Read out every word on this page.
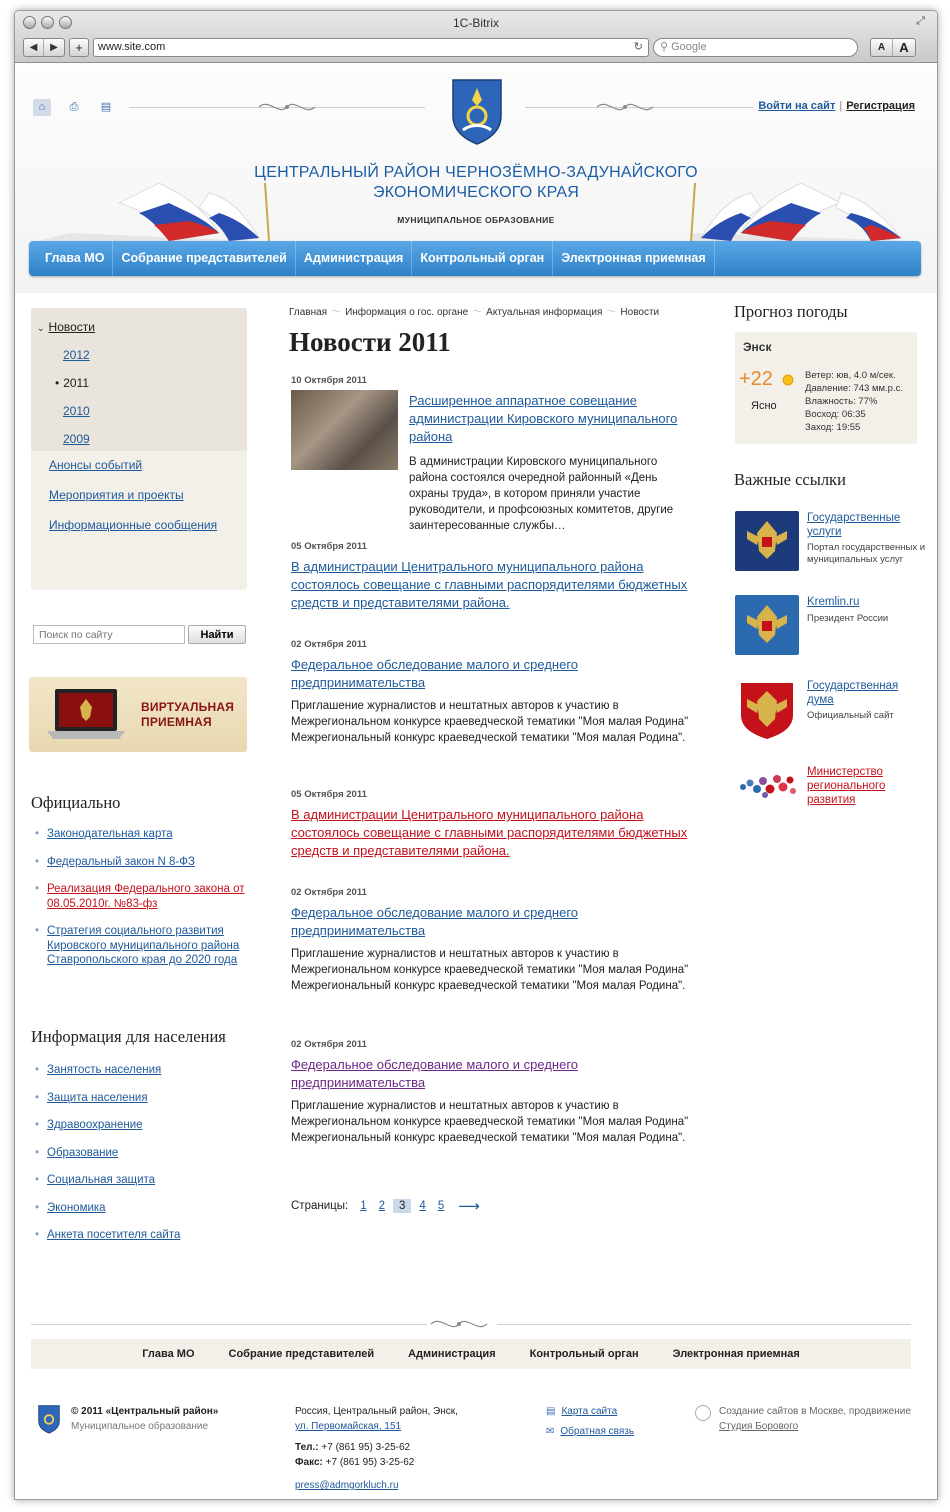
1C-Bitrix	⤢
◀	▶	+	www.site.com	↻	⚲ Google	A	A
⌂	⎙	▤	Войти на сайт | Регистрация
ЦЕНТРАЛЬНЫЙ РАЙОН ЧЕРНОЗЁМНО-ЗАДУНАЙСКОГО
ЭКОНОМИЧЕСКОГО КРАЯ
МУНИЦИПАЛЬНОЕ ОБРАЗОВАНИЕ
Глава МО	Собрание представителей	Администрация	Контрольный орган	Электронная приемная
⌄ Новости
2012
• 2011
2010
2009
Анонсы событий
Мероприятия и проекты
Информационные сообщения
Поиск по сайту
Найти
ВИРТУАЛЬНАЯ
ПРИЕМНАЯ
Официально
• Законодательная карта
• Федеральный закон N 8-ФЗ
• Реализация Федерального закона от 08.05.2010г. №83-фз
• Стратегия социального развития Кировского муниципального района Ставропольского края до 2020 года
Информация для населения
• Занятость населения
• Защита населения
• Здравоохранение
• Образование
• Социальная защита
• Экономика
• Анкета посетителя сайта
Главная 〜 Информация о гос. органе 〜 Актуальная информация 〜 Новости
Новости 2011
10 Октября 2011
Расширенное аппаратное совещание администрации Кировского муниципального района
В администрации Кировского муниципального района состоялся очередной районный «День охраны труда», в котором приняли участие руководители, и профсоюзных комитетов, другие заинтересованные службы…
05 Октября 2011
В администрации Ценитрального муниципального района состоялось совещание с главными распорядителями бюджетных средств и представителями района.
02 Октября 2011
Федеральное обследование малого и среднего предпринимательства
Приглашение журналистов и нештатных авторов к участию в Межрегиональном конкурсе краеведческой тематики "Моя малая Родина" Межрегиональный конкурс краеведческой тематики "Моя малая Родина".
05 Октября 2011
В администрации Ценитрального муниципального района состоялось совещание с главными распорядителями бюджетных средств и представителями района.
02 Октября 2011
Федеральное обследование малого и среднего предпринимательства
Приглашение журналистов и нештатных авторов к участию в Межрегиональном конкурсе краеведческой тематики "Моя малая Родина" Межрегиональный конкурс краеведческой тематики "Моя малая Родина".
02 Октября 2011
Федеральное обследование малого и среднего предпринимательства
Приглашение журналистов и нештатных авторов к участию в Межрегиональном конкурсе краеведческой тематики "Моя малая Родина" Межрегиональный конкурс краеведческой тематики "Моя малая Родина".
Страницы: 1 2	3	4 5 ⟶
Прогноз погоды
Энск
+22
Ясно
Ветер: юв, 4.0 м/сек.
Давление: 743 мм.р.с.
Влажность: 77%
Восход: 06:35
Заход: 19:55
Важные ссылки
Государственные
услуги
Портал государственных и муниципальных услуг
Kremlin.ru
Президент России
Государственная
дума
Официальный сайт
Министерство
регионального развития
Глава МО	Собрание представителей	Администрация	Контрольный орган	Электронная приемная
© 2011 «Центральный район»
Муниципальное образование
Россия, Центральный район, Энск,
ул. Первомайская, 151
Тел.: +7 (861 95) 3-25-62
Факс: +7 (861 95) 3-25-62
press@admgorkluch.ru
▤ Карта сайта
✉ Обратная связь
Создание сайтов в Москве, продвижение
Студия Борового
